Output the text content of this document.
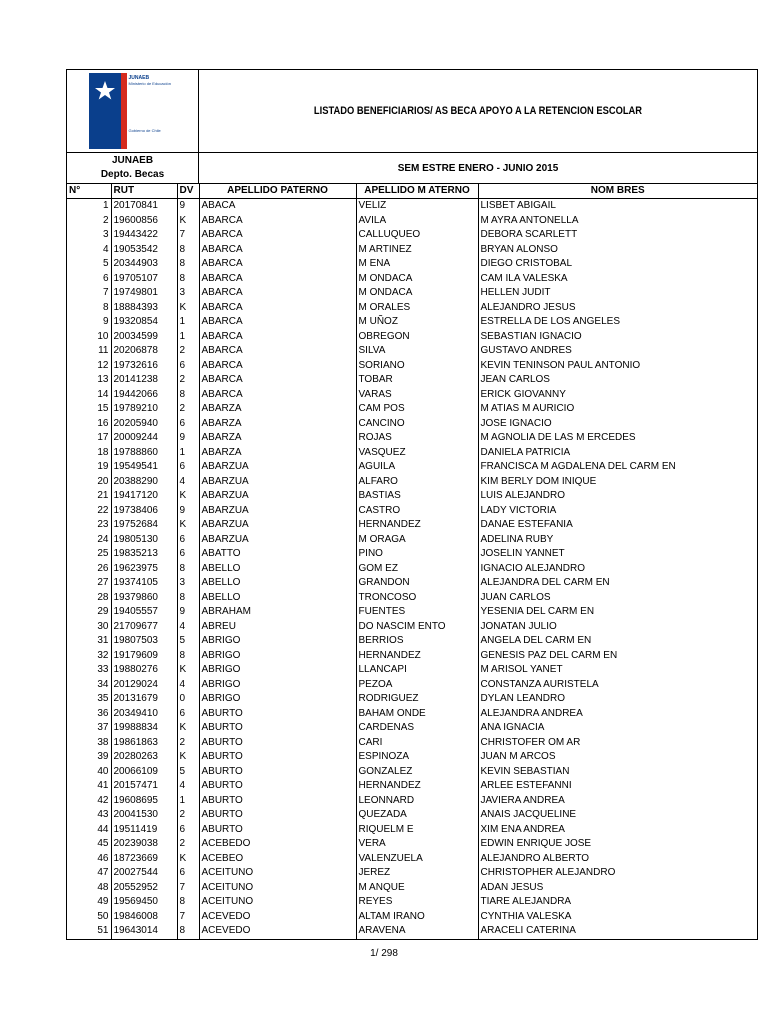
JUNAEB
Ministerio de Educación
Gobierno de Chile
LISTADO BENEFICIARIOS/ AS BECA APOYO A LA RETENCION ESCOLAR
JUNAEB
Depto. Becas
SEM ESTRE ENERO - JUNIO 2015
N°	RUT	DV	APELLIDO PATERNO	APELLIDO M ATERNO	NOM BRES
1	20170841	9	ABACA	VELIZ	LISBET ABIGAIL
2	19600856	K	ABARCA	AVILA	M AYRA ANTONELLA
3	19443422	7	ABARCA	CALLUQUEO	DEBORA SCARLETT
4	19053542	8	ABARCA	M ARTINEZ	BRYAN ALONSO
5	20344903	8	ABARCA	M ENA	DIEGO CRISTOBAL
6	19705107	8	ABARCA	M ONDACA	CAM ILA VALESKA
7	19749801	3	ABARCA	M ONDACA	HELLEN JUDIT
8	18884393	K	ABARCA	M ORALES	ALEJANDRO JESUS
9	19320854	1	ABARCA	M UÑOZ	ESTRELLA DE LOS ANGELES
10	20034599	1	ABARCA	OBREGON	SEBASTIAN IGNACIO
11	20206878	2	ABARCA	SILVA	GUSTAVO ANDRES
12	19732616	6	ABARCA	SORIANO	KEVIN TENINSON PAUL ANTONIO
13	20141238	2	ABARCA	TOBAR	JEAN CARLOS
14	19442066	8	ABARCA	VARAS	ERICK GIOVANNY
15	19789210	2	ABARZA	CAM POS	M ATIAS M AURICIO
16	20205940	6	ABARZA	CANCINO	JOSE IGNACIO
17	20009244	9	ABARZA	ROJAS	M AGNOLIA DE LAS M ERCEDES
18	19788860	1	ABARZA	VASQUEZ	DANIELA PATRICIA
19	19549541	6	ABARZUA	AGUILA	FRANCISCA M AGDALENA DEL CARM EN
20	20388290	4	ABARZUA	ALFARO	KIM BERLY DOM INIQUE
21	19417120	K	ABARZUA	BASTIAS	LUIS ALEJANDRO
22	19738406	9	ABARZUA	CASTRO	LADY VICTORIA
23	19752684	K	ABARZUA	HERNANDEZ	DANAE ESTEFANIA
24	19805130	6	ABARZUA	M ORAGA	ADELINA RUBY
25	19835213	6	ABATTO	PINO	JOSELIN YANNET
26	19623975	8	ABELLO	GOM EZ	IGNACIO ALEJANDRO
27	19374105	3	ABELLO	GRANDON	ALEJANDRA DEL CARM EN
28	19379860	8	ABELLO	TRONCOSO	JUAN CARLOS
29	19405557	9	ABRAHAM	FUENTES	YESENIA DEL CARM EN
30	21709677	4	ABREU	DO NASCIM ENTO	JONATAN JULIO
31	19807503	5	ABRIGO	BERRIOS	ANGELA DEL CARM EN
32	19179609	8	ABRIGO	HERNANDEZ	GENESIS PAZ DEL CARM EN
33	19880276	K	ABRIGO	LLANCAPI	M ARISOL YANET
34	20129024	4	ABRIGO	PEZOA	CONSTANZA AURISTELA
35	20131679	0	ABRIGO	RODRIGUEZ	DYLAN LEANDRO
36	20349410	6	ABURTO	BAHAM ONDE	ALEJANDRA ANDREA
37	19988834	K	ABURTO	CARDENAS	ANA IGNACIA
38	19861863	2	ABURTO	CARI	CHRISTOFER OM AR
39	20280263	K	ABURTO	ESPINOZA	JUAN M ARCOS
40	20066109	5	ABURTO	GONZALEZ	KEVIN SEBASTIAN
41	20157471	4	ABURTO	HERNANDEZ	ARLEE ESTEFANNI
42	19608695	1	ABURTO	LEONNARD	JAVIERA ANDREA
43	20041530	2	ABURTO	QUEZADA	ANAIS JACQUELINE
44	19511419	6	ABURTO	RIQUELM E	XIM ENA ANDREA
45	20239038	2	ACEBEDO	VERA	EDWIN ENRIQUE JOSE
46	18723669	K	ACEBEO	VALENZUELA	ALEJANDRO ALBERTO
47	20027544	6	ACEITUNO	JEREZ	CHRISTOPHER ALEJANDRO
48	20552952	7	ACEITUNO	M ANQUE	ADAN JESUS
49	19569450	8	ACEITUNO	REYES	TIARE ALEJANDRA
50	19846008	7	ACEVEDO	ALTAM IRANO	CYNTHIA VALESKA
51	19643014	8	ACEVEDO	ARAVENA	ARACELI CATERINA
1/ 298
